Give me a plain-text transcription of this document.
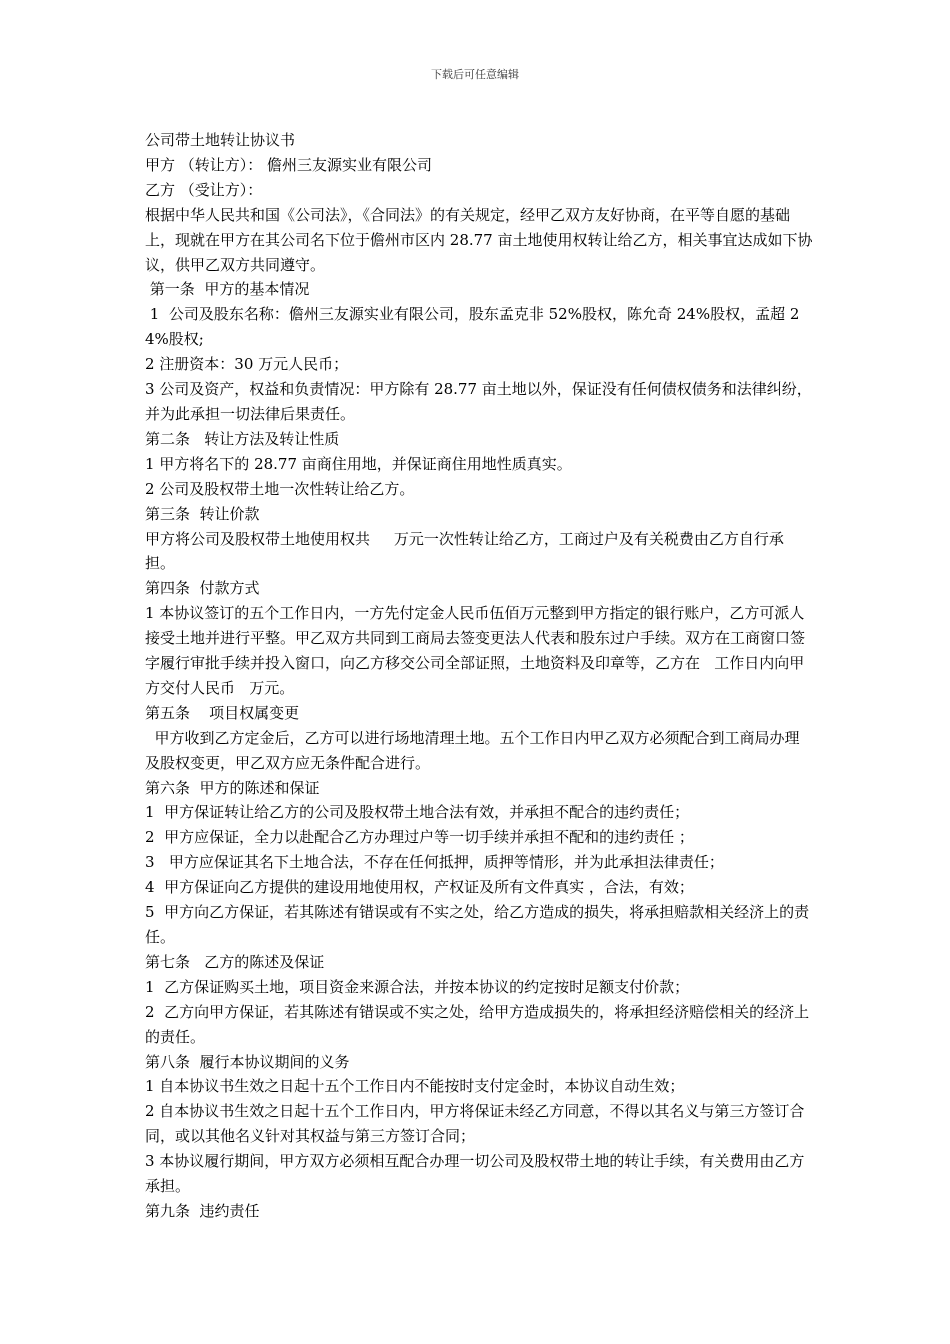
下载后可任意编辑

公司带土地转让协议书

甲方 （转让方）： 儋州三友源实业有限公司

乙方 （受让方）：

根据中华人民共和国《公司法》，《合同法》的有关规定，经甲乙双方友好协商，在平等自愿的基础上，现就在甲方在其公司名下位于儋州市区内 28.77 亩土地使用权转让给乙方，相关事宜达成如下协议，供甲乙双方共同遵守。

第一条  甲方的基本情况

1  公司及股东名称：儋州三友源实业有限公司，股东孟克非 52%股权，陈允奇 24%股权，孟超 24%股权;

2 注册资本：30 万元人民币；

3 公司及资产，权益和负责情况：甲方除有 28.77 亩土地以外，保证没有任何债权债务和法律纠纷，并为此承担一切法律后果责任。

第二条   转让方法及转让性质

1 甲方将名下的 28.77 亩商住用地，并保证商住用地性质真实。

2 公司及股权带土地一次性转让给乙方。

第三条  转让价款

甲方将公司及股权带土地使用权共     万元一次性转让给乙方，工商过户及有关税费由乙方自行承担。

第四条  付款方式

1 本协议签订的五个工作日内，一方先付定金人民币伍佰万元整到甲方指定的银行账户，乙方可派人接受土地并进行平整。甲乙双方共同到工商局去签变更法人代表和股东过户手续。双方在工商窗口签字履行审批手续并投入窗口，向乙方移交公司全部证照，土地资料及印章等，乙方在   工作日内向甲方交付人民币   万元。

第五条    项目权属变更

甲方收到乙方定金后，乙方可以进行场地清理土地。五个工作日内甲乙双方必须配合到工商局办理及股权变更，甲乙双方应无条件配合进行。

第六条  甲方的陈述和保证

1  甲方保证转让给乙方的公司及股权带土地合法有效，并承担不配合的违约责任；

2  甲方应保证，全力以赴配合乙方办理过户等一切手续并承担不配和的违约责任 ；

3   甲方应保证其名下土地合法，不存在任何抵押，质押等情形，并为此承担法律责任；

4  甲方保证向乙方提供的建设用地使用权，产权证及所有文件真实 ，合法，有效；

5  甲方向乙方保证，若其陈述有错误或有不实之处，给乙方造成的损失，将承担赔款相关经济上的责任。

第七条   乙方的陈述及保证

1  乙方保证购买土地，项目资金来源合法，并按本协议的约定按时足额支付价款；

2  乙方向甲方保证，若其陈述有错误或不实之处，给甲方造成损失的，将承担经济赔偿相关的经济上的责任。

第八条  履行本协议期间的义务

1 自本协议书生效之日起十五个工作日内不能按时支付定金时，本协议自动生效；

2 自本协议书生效之日起十五个工作日内，甲方将保证未经乙方同意，不得以其名义与第三方签订合同，或以其他名义针对其权益与第三方签订合同；

3 本协议履行期间，甲方双方必须相互配合办理一切公司及股权带土地的转让手续，有关费用由乙方承担。

第九条  违约责任
